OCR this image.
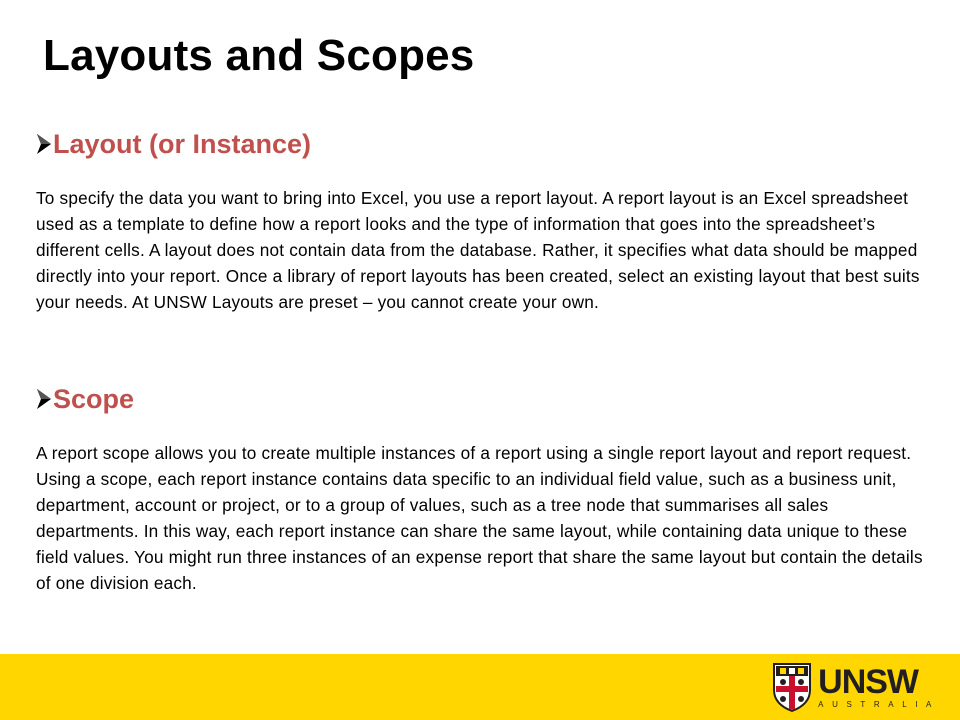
Layouts and Scopes
Layout (or Instance)

To specify the data you want to bring into Excel, you use a report layout. A report layout is an Excel spreadsheet used as a template to define how a report looks and the type of information that goes into the spreadsheet’s different cells. A layout does not contain data from the database. Rather, it specifies what data should be mapped directly into your report. Once a library of report layouts has been created, select an existing layout that best suits your needs. At UNSW Layouts are preset – you cannot create your own.

Scope

A report scope allows you to create multiple instances of a report using a single report layout and report request. Using a scope, each report instance contains data specific to an individual field value, such as a business unit, department, account or project, or to a group of values, such as a tree node that summarises all sales departments. In this way, each report instance can share the same layout, while containing data unique to these field values. You might run three instances of an expense report that share the same layout but contain the details of one division each.

UNSW
AUSTRALIA
